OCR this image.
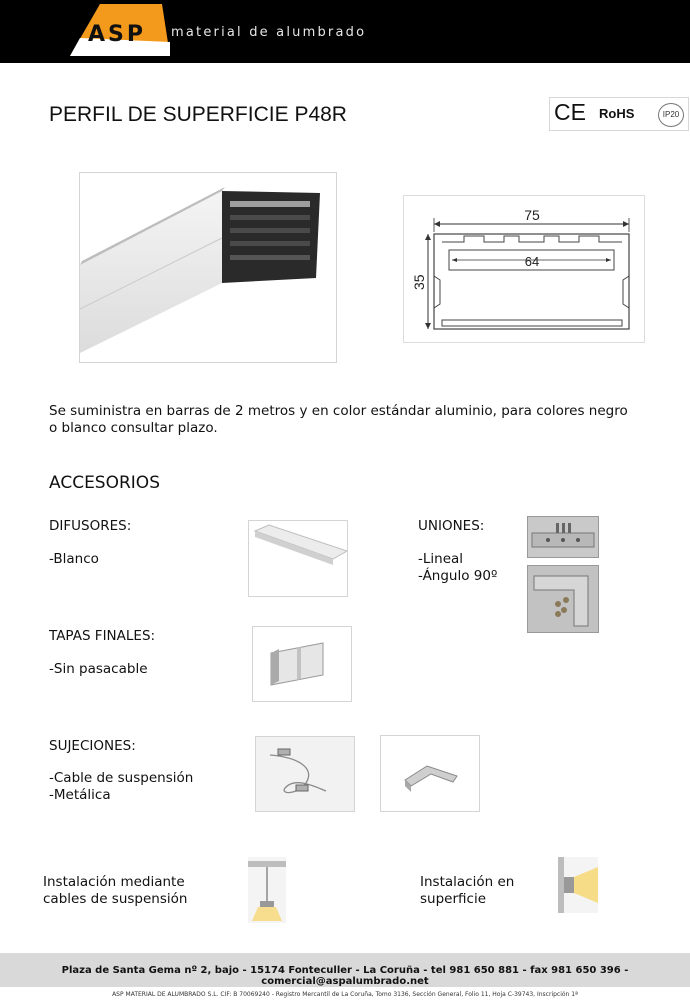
ASP material de alumbrado
PERFIL DE SUPERFICIE P48R	CE RoHS	IP20
75
64
35
Se suministra en barras de 2 metros y en color estándar aluminio, para colores negro o blanco consultar plazo.
ACCESORIOS
DIFUSORES:
-Blanco
UNIONES:
-Lineal
-Ángulo 90º
TAPAS FINALES:
-Sin pasacable
SUJECIONES:
-Cable de suspensión
-Metálica
Instalación mediante
cables de suspensión
Instalación en
superficie
Plaza de Santa Gema nº 2, bajo - 15174 Fonteculler - La Coruña - tel 981 650 881 - fax 981 650 396 - comercial@aspalumbrado.net
ASP MATERIAL DE ALUMBRADO S.L. CIF: B 70069240 - Registro Mercantil de La Coruña, Tomo 3136, Sección General, Folio 11, Hoja C-39743, Inscripción 1ª
